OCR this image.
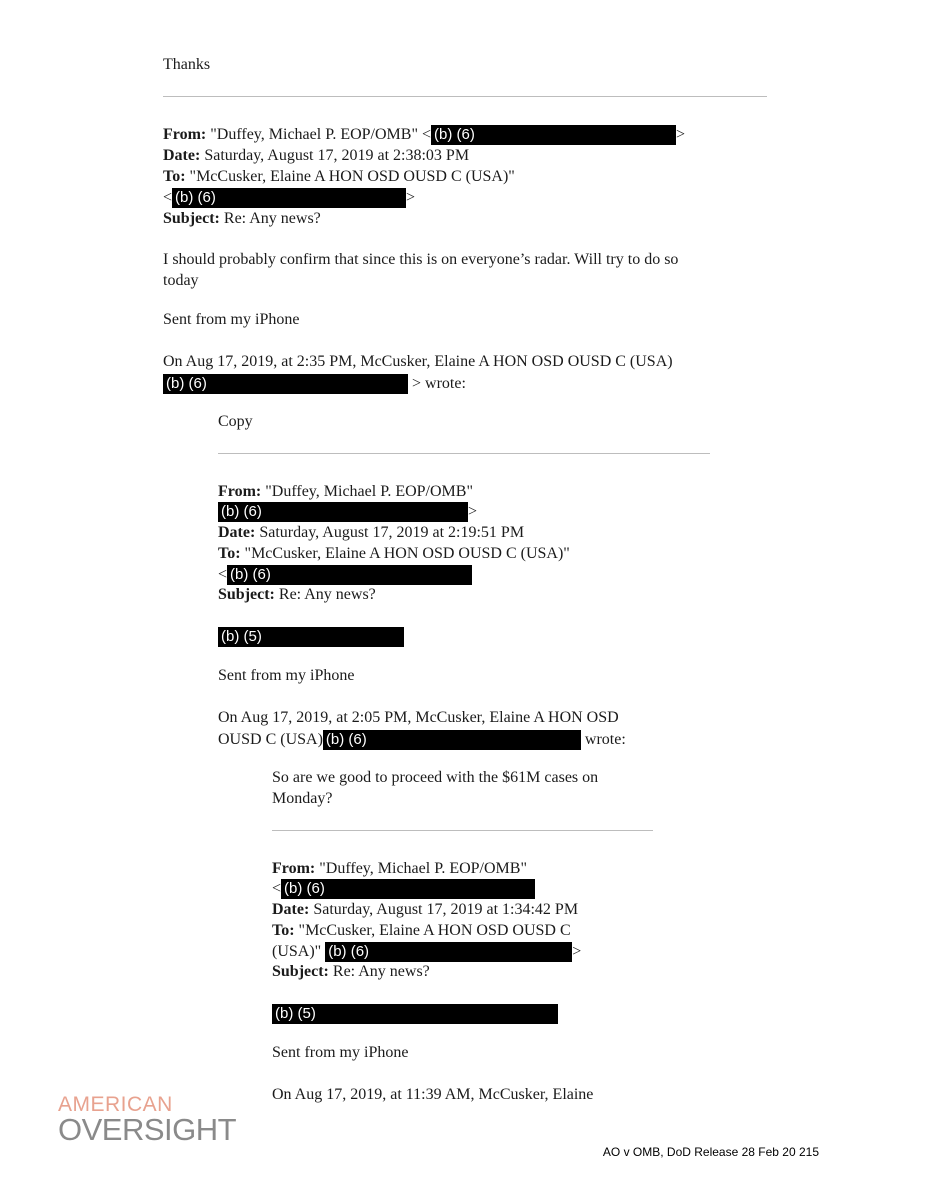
Thanks
From: "Duffey, Michael P. EOP/OMB" < (b) (6)	>
Date: Saturday, August 17, 2019 at 2:38:03 PM
To: "McCusker, Elaine A HON OSD OUSD C (USA)"
< (b) (6)	>
Subject: Re: Any news?
I should probably confirm that since this is on everyone’s radar. Will try to do so
today
Sent from my iPhone
On Aug 17, 2019, at 2:35 PM, McCusker, Elaine A HON OSD OUSD C (USA)
(b) (6)	> wrote:
Copy
From: "Duffey, Michael P. EOP/OMB"
(b) (6)	>
Date: Saturday, August 17, 2019 at 2:19:51 PM
To: "McCusker, Elaine A HON OSD OUSD C (USA)"
< (b) (6)
Subject: Re: Any news?
(b) (5)
Sent from my iPhone
On Aug 17, 2019, at 2:05 PM, McCusker, Elaine A HON OSD
OUSD C (USA) (b) (6)	wrote:
So are we good to proceed with the $61M cases on
Monday?
From: "Duffey, Michael P. EOP/OMB"
< (b) (6)
Date: Saturday, August 17, 2019 at 1:34:42 PM
To: "McCusker, Elaine A HON OSD OUSD C
(USA)" (b) (6)	>
Subject: Re: Any news?
(b) (5)
Sent from my iPhone
On Aug 17, 2019, at 11:39 AM, McCusker, Elaine
AMERICAN
OVERSIGHT
AO v OMB, DoD Release 28 Feb 20 215
